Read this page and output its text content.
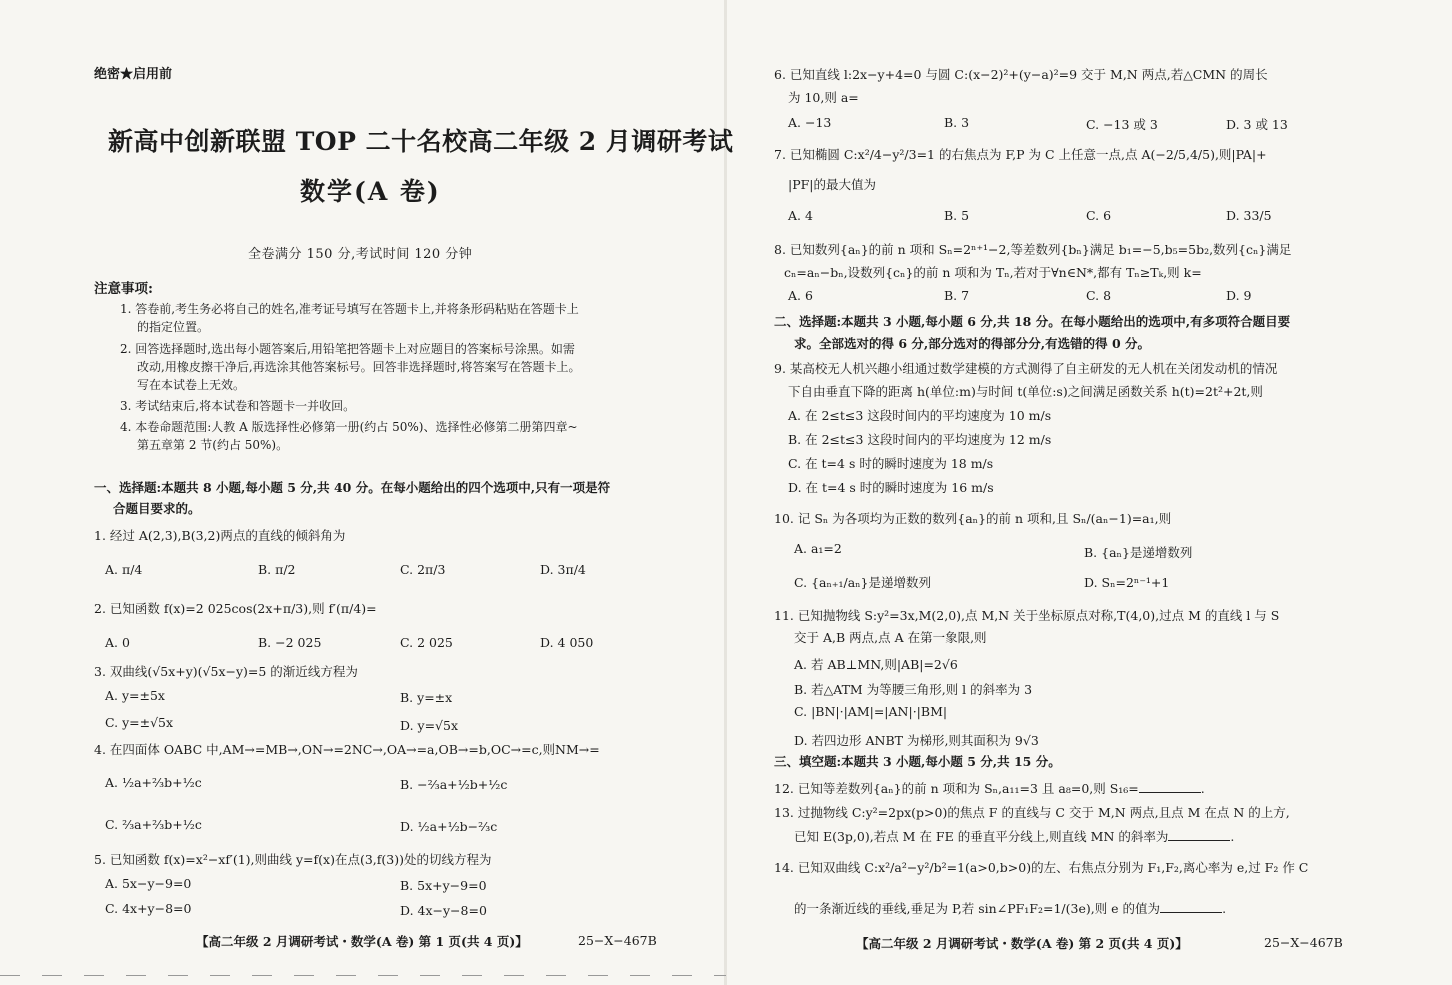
绝密★启用前
新高中创新联盟 TOP 二十名校高二年级 2 月调研考试
数学(A 卷)
全卷满分 150 分,考试时间 120 分钟
注意事项:
1. 答卷前,考生务必将自己的姓名,准考证号填写在答题卡上,并将条形码粘贴在答题卡上
的指定位置。
2. 回答选择题时,选出每小题答案后,用铅笔把答题卡上对应题目的答案标号涂黑。如需
改动,用橡皮擦干净后,再选涂其他答案标号。回答非选择题时,将答案写在答题卡上。
写在本试卷上无效。
3. 考试结束后,将本试卷和答题卡一并收回。
4. 本卷命题范围:人教 A 版选择性必修第一册(约占 50%)、选择性必修第二册第四章~
第五章第 2 节(约占 50%)。
一、选择题:本题共 8 小题,每小题 5 分,共 40 分。在每小题给出的四个选项中,只有一项是符
合题目要求的。
1. 经过 A(2,3),B(3,2)两点的直线的倾斜角为
A. π/4	B. π/2	C. 2π/3	D. 3π/4
2. 已知函数 f(x)=2 025cos(2x+π/3),则 f′(π/4)=
A. 0	B. −2 025	C. 2 025	D. 4 050
3. 双曲线(√5x+y)(√5x−y)=5 的渐近线方程为
A. y=±5x	B. y=±x
C. y=±√5x	D. y=√5x
4. 在四面体 OABC 中,AM→=MB→,ON→=2NC→,OA→=a,OB→=b,OC→=c,则NM→=
A. ½a+⅔b+½c	B. −⅔a+½b+½c
C. ⅔a+⅔b+½c	D. ½a+½b−⅔c
5. 已知函数 f(x)=x²−xf′(1),则曲线 y=f(x)在点(3,f(3))处的切线方程为
A. 5x−y−9=0	B. 5x+y−9=0
C. 4x+y−8=0	D. 4x−y−8=0
【高二年级 2 月调研考试・数学(A 卷) 第 1 页(共 4 页)】	25−X−467B
6. 已知直线 l:2x−y+4=0 与圆 C:(x−2)²+(y−a)²=9 交于 M,N 两点,若△CMN 的周长
为 10,则 a=
A. −13	B. 3	C. −13 或 3	D. 3 或 13
7. 已知椭圆 C:x²/4−y²/3=1 的右焦点为 F,P 为 C 上任意一点,点 A(−2/5,4/5),则|PA|+
|PF|的最大值为
A. 4	B. 5	C. 6	D. 33/5
8. 已知数列{aₙ}的前 n 项和 Sₙ=2ⁿ⁺¹−2,等差数列{bₙ}满足 b₁=−5,b₅=5b₂,数列{cₙ}满足
cₙ=aₙ−bₙ,设数列{cₙ}的前 n 项和为 Tₙ,若对于∀n∈N*,都有 Tₙ≥Tₖ,则 k=
A. 6	B. 7	C. 8	D. 9
二、选择题:本题共 3 小题,每小题 6 分,共 18 分。在每小题给出的选项中,有多项符合题目要
求。全部选对的得 6 分,部分选对的得部分分,有选错的得 0 分。
9. 某高校无人机兴趣小组通过数学建模的方式测得了自主研发的无人机在关闭发动机的情况
下自由垂直下降的距离 h(单位:m)与时间 t(单位:s)之间满足函数关系 h(t)=2t²+2t,则
A. 在 2≤t≤3 这段时间内的平均速度为 10 m/s
B. 在 2≤t≤3 这段时间内的平均速度为 12 m/s
C. 在 t=4 s 时的瞬时速度为 18 m/s
D. 在 t=4 s 时的瞬时速度为 16 m/s
10. 记 Sₙ 为各项均为正数的数列{aₙ}的前 n 项和,且 Sₙ/(aₙ−1)=a₁,则
A. a₁=2	B. {aₙ}是递增数列
C. {aₙ₊₁/aₙ}是递增数列	D. Sₙ=2ⁿ⁻¹+1
11. 已知抛物线 S:y²=3x,M(2,0),点 M,N 关于坐标原点对称,T(4,0),过点 M 的直线 l 与 S
交于 A,B 两点,点 A 在第一象限,则
A. 若 AB⊥MN,则|AB|=2√6
B. 若△ATM 为等腰三角形,则 l 的斜率为 3
C. |BN|·|AM|=|AN|·|BM|
D. 若四边形 ANBT 为梯形,则其面积为 9√3
三、填空题:本题共 3 小题,每小题 5 分,共 15 分。
12. 已知等差数列{aₙ}的前 n 项和为 Sₙ,a₁₁=3 且 a₈=0,则 S₁₆=	.
13. 过抛物线 C:y²=2px(p>0)的焦点 F 的直线与 C 交于 M,N 两点,且点 M 在点 N 的上方,
已知 E(3p,0),若点 M 在 FE 的垂直平分线上,则直线 MN 的斜率为	.
14. 已知双曲线 C:x²/a²−y²/b²=1(a>0,b>0)的左、右焦点分别为 F₁,F₂,离心率为 e,过 F₂ 作 C
的一条渐近线的垂线,垂足为 P,若 sin∠PF₁F₂=1/(3e),则 e 的值为	.
【高二年级 2 月调研考试・数学(A 卷) 第 2 页(共 4 页)】	25−X−467B
